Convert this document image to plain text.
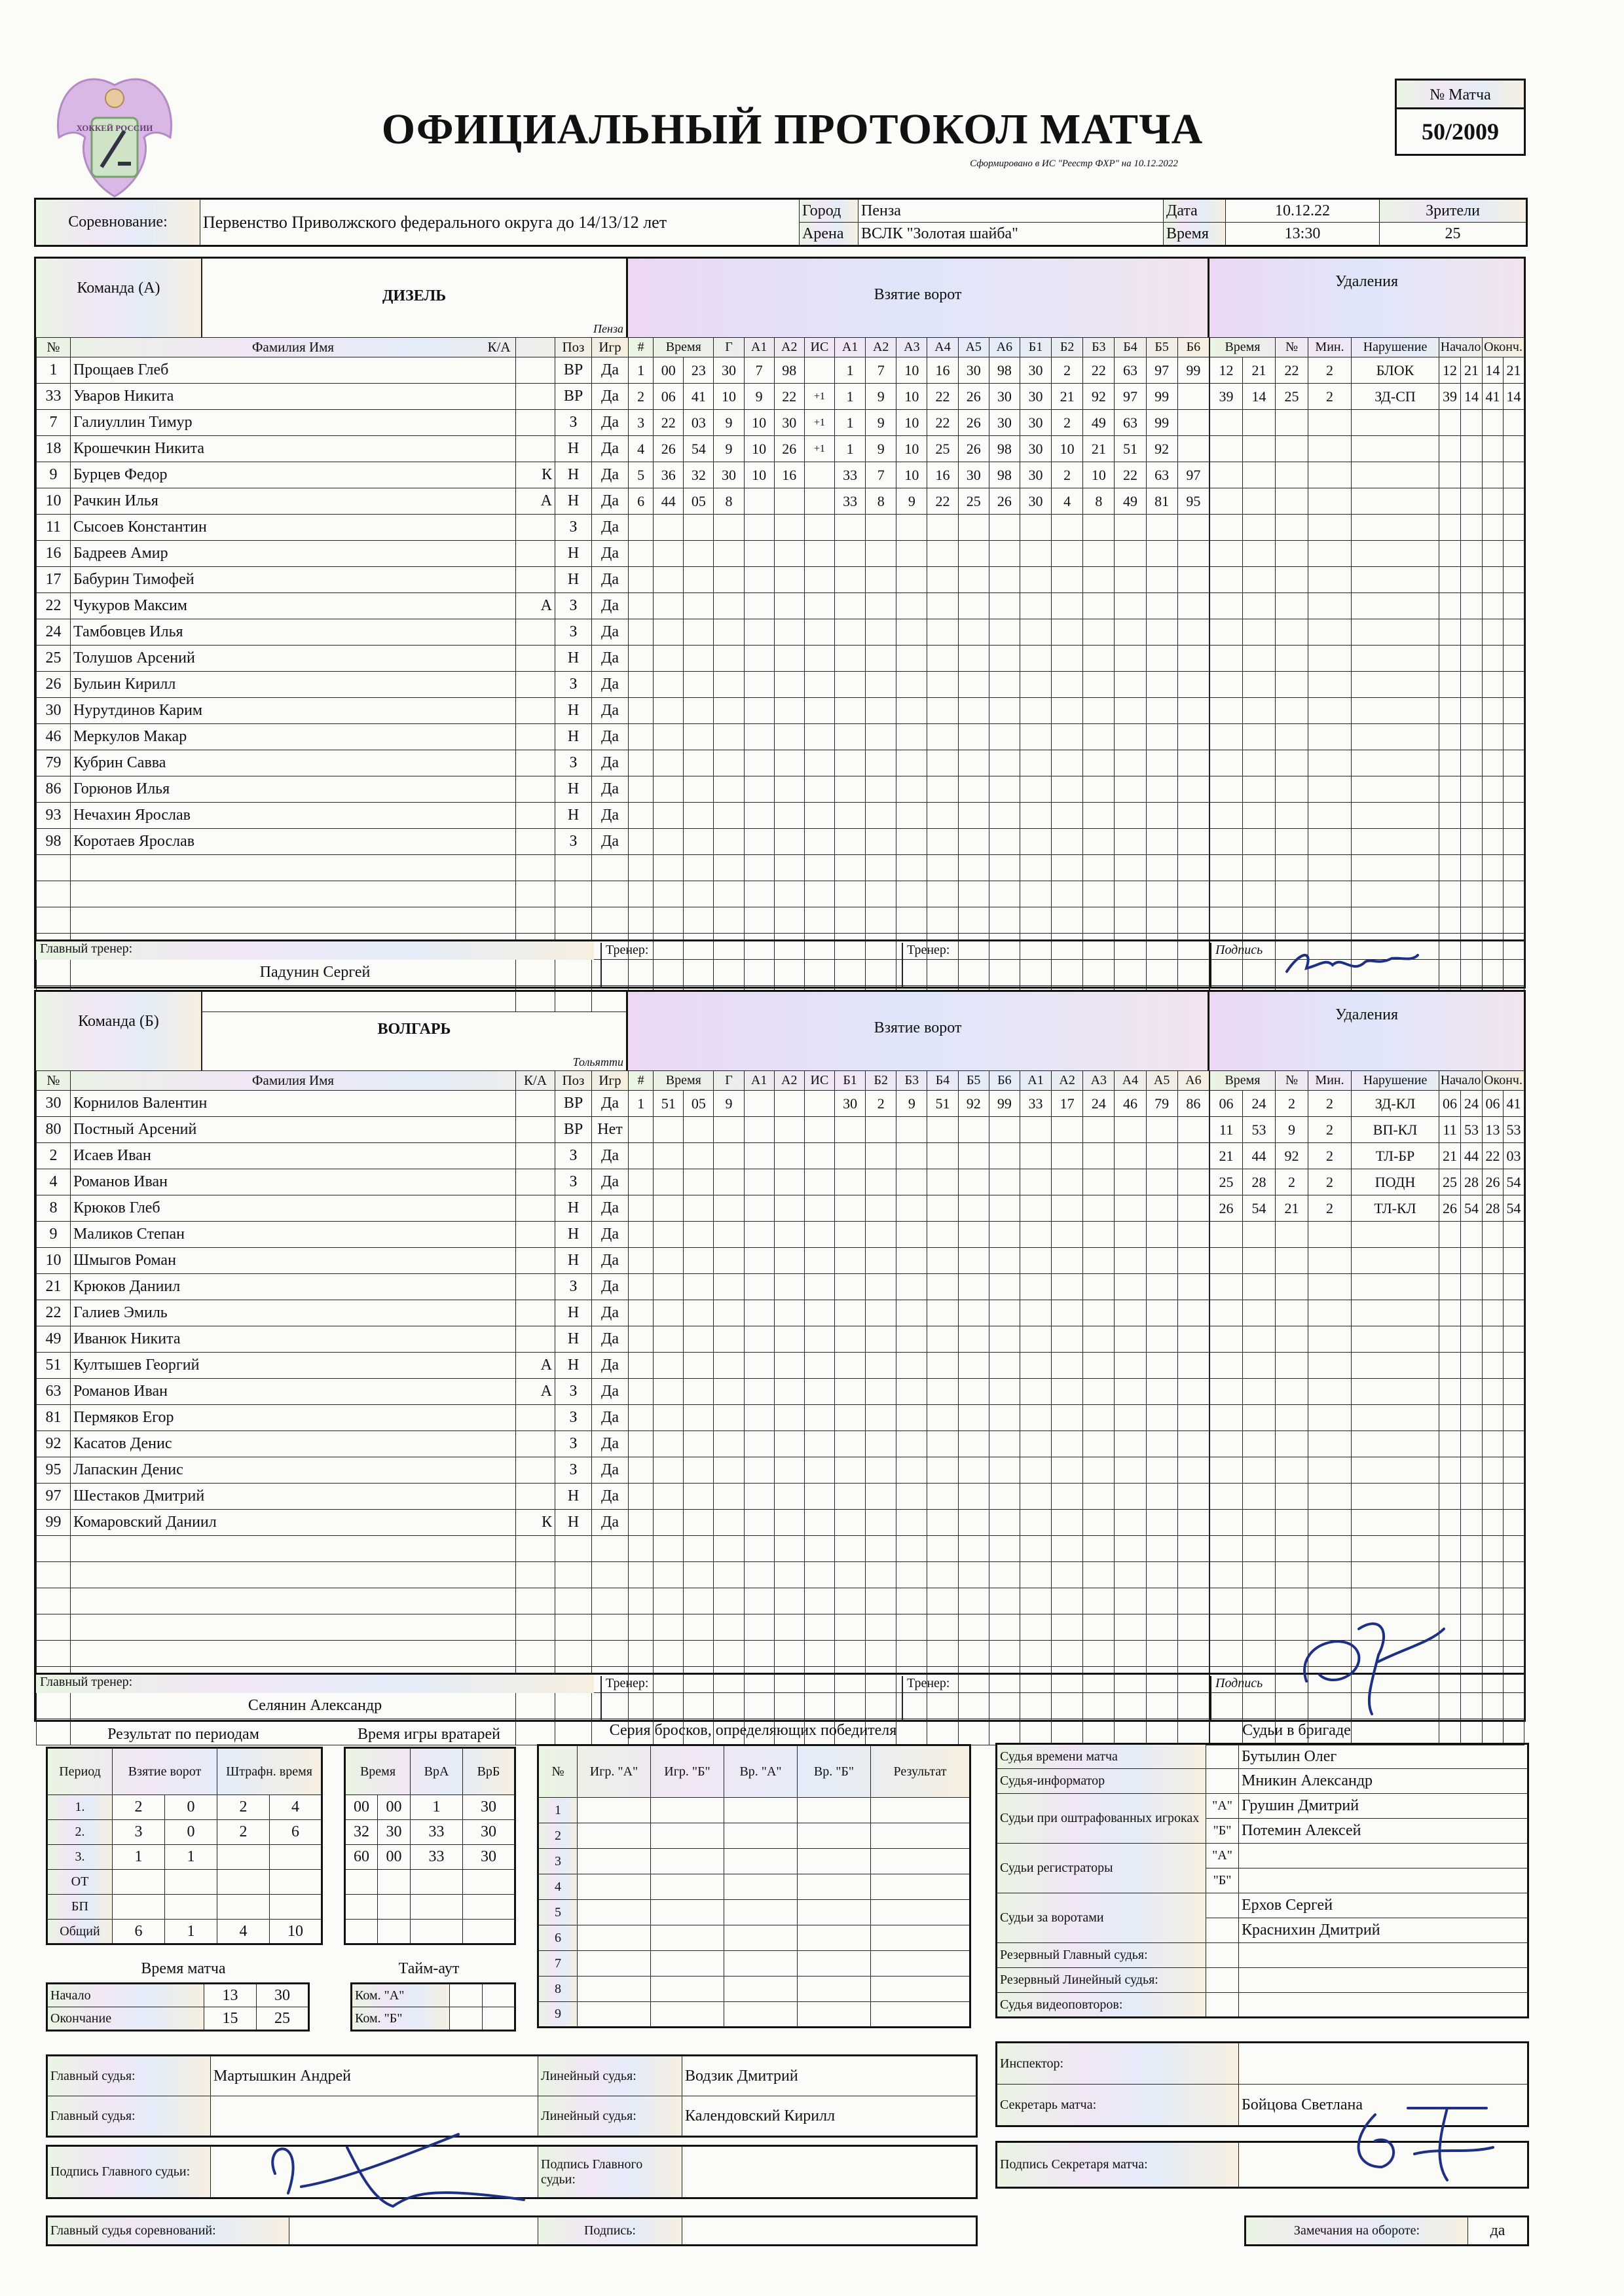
ХОККЕЙ РОССИИ	ОФИЦИАЛЬНЫЙ ПРОТОКОЛ МАТЧА
Сформировано в ИС "Реестр ФХР" на 10.12.2022
№ Матча
50/2009
Соревнование:	Первенство Приволжского федерального округа до 14/13/12 лет	Город	Пенза	Дата	10.12.22	Зрители
		Арена	ВСЛК "Золотая шайба"	Время	13:30	25
Команда (А)	ДИЗЕЛЬ
Пенза
Взятие ворот
Удаления
№	Фамилия Имя К/А		Поз	Игр
1	Прощаев Глеб		ВР	Да
33	Уваров Никита		ВР	Да
7	Галиуллин Тимур		З	Да
18	Крошечкин Никита		Н	Да
9	Бурцев Федор	К	Н	Да
10	Рачкин Илья	А	Н	Да
11	Сысоев Константин		З	Да
16	Бадреев Амир		Н	Да
17	Бабурин Тимофей		Н	Да
22	Чукуров Максим	А	З	Да
24	Тамбовцев Илья		З	Да
25	Толушов Арсений		Н	Да
26	Бульин Кирилл		З	Да
30	Нуpутдинов Карим		Н	Да
46	Меркулов Макар		Н	Да
79	Кубрин Савва		З	Да
86	Горюнов Илья		Н	Да
93	Нечахин Ярослав		Н	Да
98	Коротаев Ярослав		З	Да

#	Время		Г	А1	А2	ИС	А1	А2	А3	А4	А5	А6	Б1	Б2	Б3	Б4	Б5	Б6
1	00	23	30	7	98		1	7	10	16	30	98	30	2	22	63	97	99
2	06	41	10	9	22	+1	1	9	10	22	26	30	30	21	92	97	99	
3	22	03	9	10	30	+1	1	9	10	22	26	30	30	2	49	63	99	
4	26	54	9	10	26	+1	1	9	10	25	26	98	30	10	21	51	92	
5	36	32	30	10	16		33	7	10	16	30	98	30	2	10	22	63	97
6	44	05	8				33	8	9	22	25	26	30	4	8	49	81	95

Время		№	Мин.	Нарушение	Начало		Оконч.	
12	21	22	2	БЛОК	12	21	14	21
39	14	25	2	ЗД-СП	39	14	41	14

Главный тренер:
Падунин Сергей
Тренер:	Тренер:	Подпись
Команда (Б)	ВОЛГАРЬ
Тольятти
Взятие ворот
Удаления
№	Фамилия Имя	К/А	Поз	Игр
30	Корнилов Валентин		ВР	Да
80	Постный Арсений		ВР	Нет
2	Исаев Иван		З	Да
4	Романов Иван		З	Да
8	Крюков Глеб		Н	Да
9	Маликов Степан		Н	Да
10	Шмыгов Роман		Н	Да
21	Крюков Даниил		З	Да
22	Галиев Эмиль		Н	Да
49	Иванюк Никита		Н	Да
51	Култышев Георгий	А	Н	Да
63	Романов Иван	А	З	Да
81	Пермяков Егор		З	Да
92	Касатов Денис		З	Да
95	Лапаскин Денис		З	Да
97	Шестаков Дмитрий		Н	Да
99	Комаровский Даниил	К	Н	Да

#	Время		Г	А1	А2	ИС	Б1	Б2	Б3	Б4	Б5	Б6	А1	А2	А3	А4	А5	А6
1	51	05	9				30	2	9	51	92	99	33	17	24	46	79	86

Время		№	Мин.	Нарушение	Начало		Оконч.	
06	24	2	2	ЗД-КЛ	06	24	06	41
11	53	9	2	ВП-КЛ	11	53	13	53
21	44	92	2	ТЛ-БР	21	44	22	03
25	28	2	2	ПОДН	25	28	26	54
26	54	21	2	ТЛ-КЛ	26	54	28	54

Главный тренер:
Селянин Александр
Тренер:	Тренер:	Подпись
Результат по периодам
Период	Взятие ворот		Штрафн. время	
1.	2	0	2	4
2.	3	0	2	6
3.	1	1		
ОТ				
БП				
Общий	6	1	4	10
Время игры вратарей
Время		ВрА	ВрБ
00	00	1	30
32	30	33	30
60	00	33	30

Время матча
Начало	13	30
Окончание	15	25
Тайм-аут
Ком. "А"		
Ком. "Б"		
Серия бросков, определяющих победителя
№	Игр. "А"	Игр. "Б"	Вр. "А"	Вр. "Б"	Результат
1					
2					
3					
4					
5					
6					
7					
8					
9					
Судьи в бригаде
Судья времени матча		Бутылин Олег
Судья-информатор		Мникин Александр
Судьи при оштрафованных игроках	"А"	Грушин Дмитрий
	"Б"	Потемин Алексей
Судьи регистраторы	"А"	
	"Б"	
Судьи за воротами		Ерхов Сергей
		Краснихин Дмитрий
Резервный Главный судья:		
Резервный Линейный судья:		
Судья видеоповторов:		
Главный судья:	Мартышкин Андрей	Линейный судья:	Водзик Дмитрий
Главный судья:		Линейный судья:	Календовский Кирилл
Инспектор:	
Секретарь матча:	Бойцова Светлана
Подпись Главного судьи:		Подпись Главного судьи:	
Подпись Секретаря матча:	
Главный судья соревнований:		Подпись:		Замечания на обороте:	да
